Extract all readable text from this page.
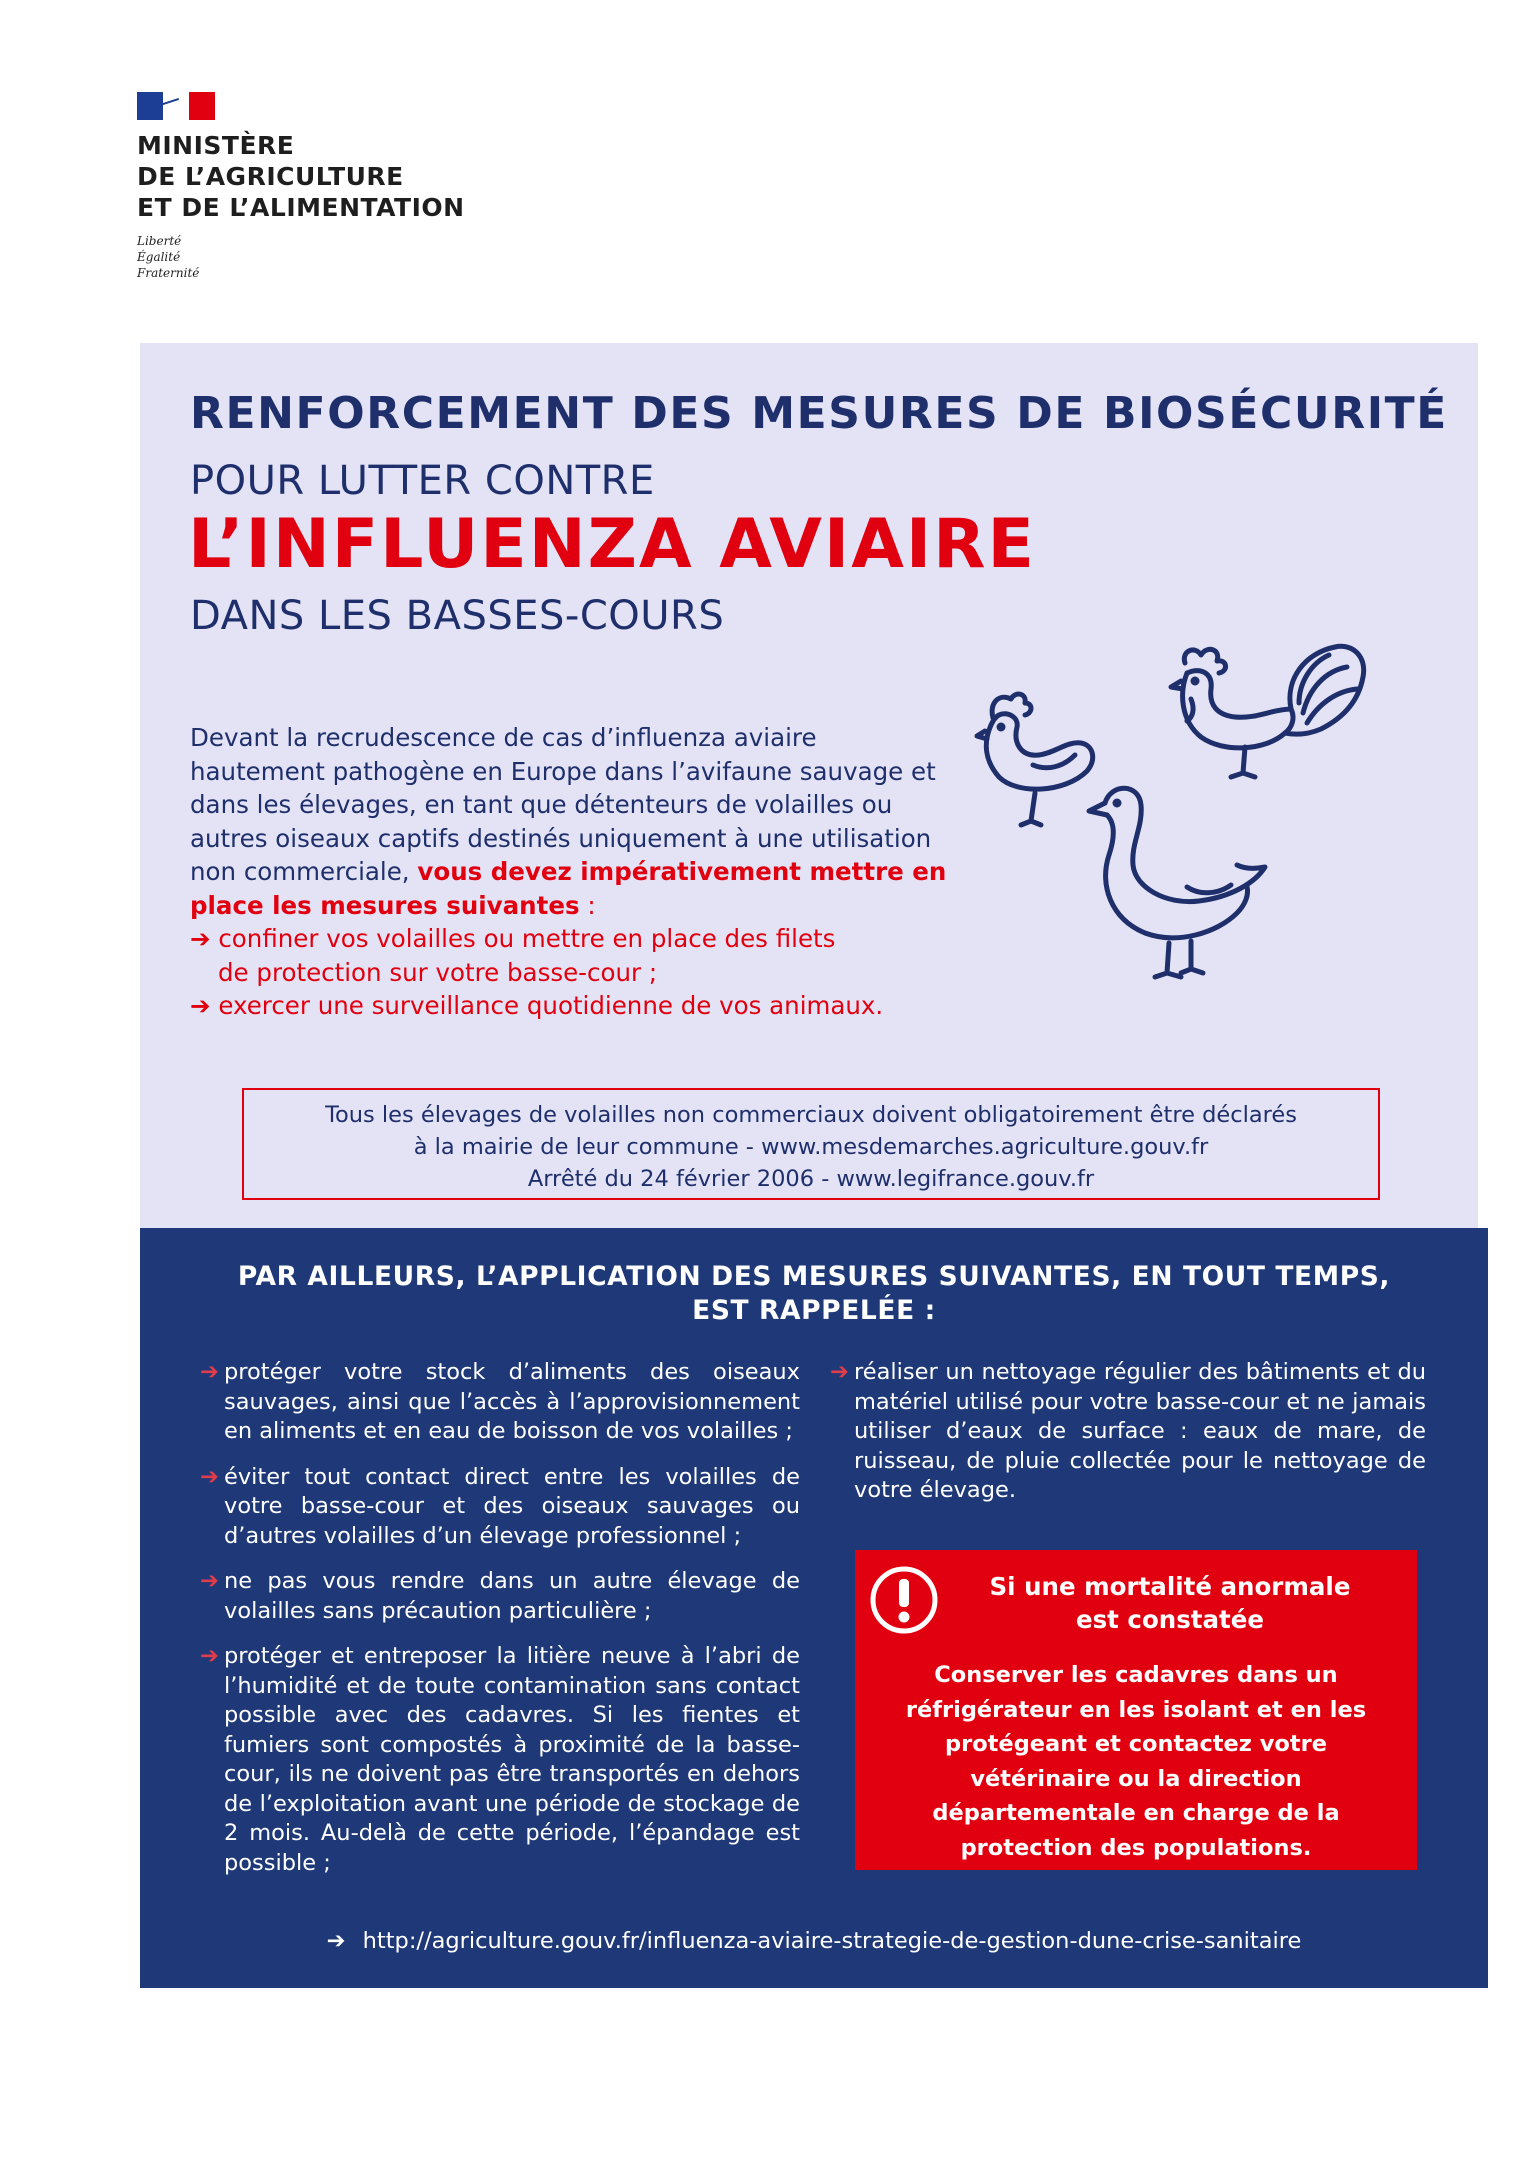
MINISTÈRE
DE L’AGRICULTURE
ET DE L’ALIMENTATION
Liberté
Égalité
Fraternité
RENFORCEMENT DES MESURES DE BIOSÉCURITÉ
POUR LUTTER CONTRE
L’INFLUENZA AVIAIRE
DANS LES BASSES-COURS
Devant la recrudescence de cas d’influenza aviaire hautement pathogène en Europe dans l’avifaune sauvage et dans les élevages, en tant que détenteurs de volailles ou autres oiseaux captifs destinés uniquement à une utilisation non commerciale, vous devez impérativement mettre en place les mesures suivantes :
➔ confiner vos volailles ou mettre en place des filets
de protection sur votre basse-cour ;
➔ exercer une surveillance quotidienne de vos animaux.
Tous les élevages de volailles non commerciaux doivent obligatoirement être déclarés
à la mairie de leur commune - www.mesdemarches.agriculture.gouv.fr
Arrêté du 24 février 2006 - www.legifrance.gouv.fr
PAR AILLEURS, L’APPLICATION DES MESURES SUIVANTES, EN TOUT TEMPS,
EST RAPPELÉE :
➔ protéger votre stock d’aliments des oiseaux sauvages, ainsi que l’accès à l’approvisionnement en aliments et en eau de boisson de vos volailles ;
➔ éviter tout contact direct entre les volailles de votre basse-cour et des oiseaux sauvages ou d’autres volailles d’un élevage professionnel ;
➔ ne pas vous rendre dans un autre élevage de volailles sans précaution particulière ;
➔ protéger et entreposer la litière neuve à l’abri de l’humidité et de toute contamination sans contact possible avec des cadavres. Si les fientes et fumiers sont compostés à proximité de la basse-cour, ils ne doivent pas être transportés en dehors de l’exploitation avant une période de stockage de 2 mois. Au-delà de cette période, l’épandage est possible ;
➔ réaliser un nettoyage régulier des bâtiments et du matériel utilisé pour votre basse-cour et ne jamais utiliser d’eaux de surface : eaux de mare, de ruisseau, de pluie collectée pour le nettoyage de votre élevage.
Si une mortalité anormale
est constatée
Conserver les cadavres dans un réfrigérateur en les isolant et en les protégeant et contactez votre vétérinaire ou la direction départementale en charge de la protection des populations.
➔ http://agriculture.gouv.fr/influenza-aviaire-strategie-de-gestion-dune-crise-sanitaire
